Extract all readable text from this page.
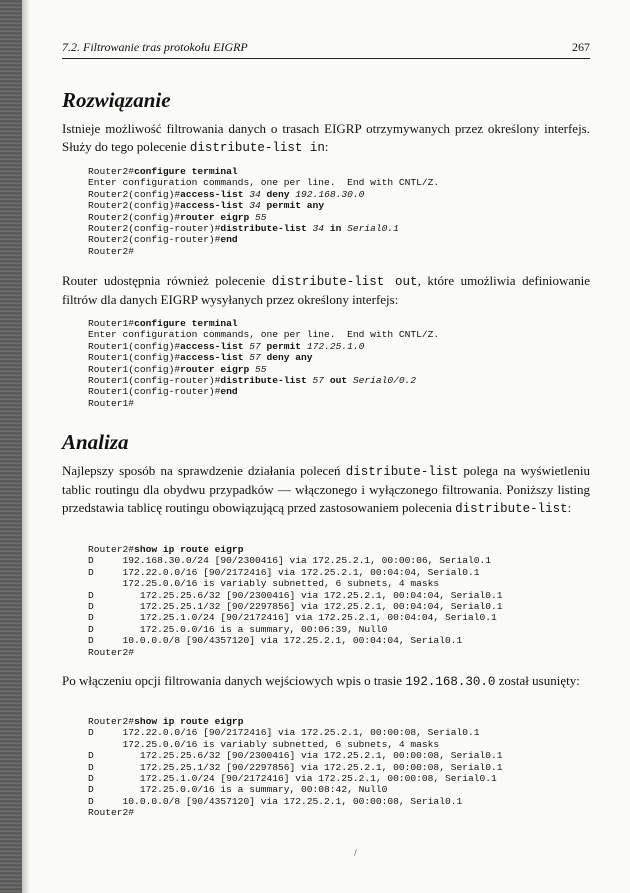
7.2. Filtrowanie tras protokołu EIGRP	267
Rozwiązanie

Istnieje możliwość filtrowania danych o trasach EIGRP otrzymywanych przez określony interfejs. Służy do tego polecenie distribute-list in:

Router2#configure terminal
Enter configuration commands, one per line.  End with CNTL/Z.
Router2(config)#access-list 34 deny 192.168.30.0
Router2(config)#access-list 34 permit any
Router2(config)#router eigrp 55
Router2(config-router)#distribute-list 34 in Serial0.1
Router2(config-router)#end
Router2#

Router udostępnia również polecenie distribute-list out, które umożliwia definiowanie filtrów dla danych EIGRP wysyłanych przez określony interfejs:

Router1#configure terminal
Enter configuration commands, one per line.  End with CNTL/Z.
Router1(config)#access-list 57 permit 172.25.1.0
Router1(config)#access-list 57 deny any
Router1(config)#router eigrp 55
Router1(config-router)#distribute-list 57 out Serial0/0.2
Router1(config-router)#end
Router1#
Analiza

Najlepszy sposób na sprawdzenie działania poleceń distribute-list polega na wyświetleniu tablic routingu dla obydwu przypadków — włączonego i wyłączonego filtrowania. Poniższy listing przedstawia tablicę routingu obowiązującą przed zastosowaniem polecenia distribute-list:

Router2#show ip route eigrp
D     192.168.30.0/24 [90/2300416] via 172.25.2.1, 00:00:06, Serial0.1
D     172.22.0.0/16 [90/2172416] via 172.25.2.1, 00:04:04, Serial0.1
172.25.0.0/16 is variably subnetted, 6 subnets, 4 masks
D        172.25.25.6/32 [90/2300416] via 172.25.2.1, 00:04:04, Serial0.1
D        172.25.25.1/32 [90/2297856] via 172.25.2.1, 00:04:04, Serial0.1
D        172.25.1.0/24 [90/2172416] via 172.25.2.1, 00:04:04, Serial0.1
D        172.25.0.0/16 is a summary, 00:06:39, Null0
D     10.0.0.0/8 [90/4357120] via 172.25.2.1, 00:04:04, Serial0.1
Router2#

Po włączeniu opcji filtrowania danych wejściowych wpis o trasie 192.168.30.0 został usunięty:

Router2#show ip route eigrp
D     172.22.0.0/16 [90/2172416] via 172.25.2.1, 00:00:08, Serial0.1
172.25.0.0/16 is variably subnetted, 6 subnets, 4 masks
D        172.25.25.6/32 [90/2300416] via 172.25.2.1, 00:00:08, Serial0.1
D        172.25.25.1/32 [90/2297856] via 172.25.2.1, 00:00:08, Serial0.1
D        172.25.1.0/24 [90/2172416] via 172.25.2.1, 00:00:08, Serial0.1
D        172.25.0.0/16 is a summary, 00:08:42, Null0
D     10.0.0.0/8 [90/4357120] via 172.25.2.1, 00:00:08, Serial0.1
Router2#
/
